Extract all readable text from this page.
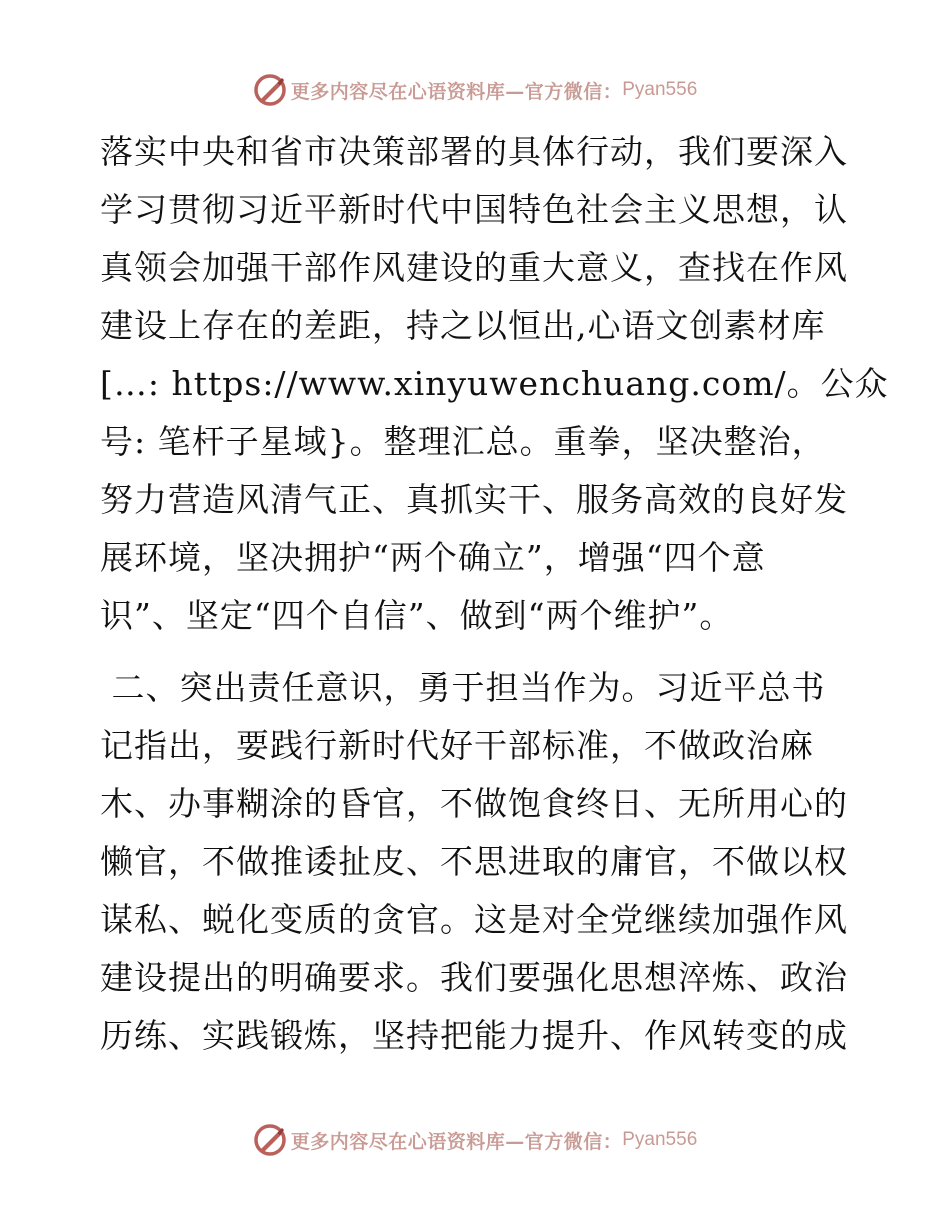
更多内容尽在心语资料库—官方微信： Pyan556
落实中央和省市决策部署的具体行动，我们要深入
学习贯彻习近平新时代中国特色社会主义思想，认
真领会加强干部作风建设的重大意义，查找在作风
建设上存在的差距，持之以恒出,心语文创素材库
[…: https://www.xinyuwenchuang.com/。公众
号: 笔杆子星域}。整理汇总。重拳，坚决整治，
努力营造风清气正、真抓实干、服务高效的良好发
展环境，坚决拥护“两个确立”，增强“四个意
识”、坚定“四个自信”、做到“两个维护”。
二、突出责任意识，勇于担当作为。习近平总书
记指出，要践行新时代好干部标准，不做政治麻
木、办事糊涂的昏官，不做饱食终日、无所用心的
懒官，不做推诿扯皮、不思进取的庸官，不做以权
谋私、蜕化变质的贪官。这是对全党继续加强作风
建设提出的明确要求。我们要强化思想淬炼、政治
历练、实践锻炼，坚持把能力提升、作风转变的成
更多内容尽在心语资料库—官方微信： Pyan556
